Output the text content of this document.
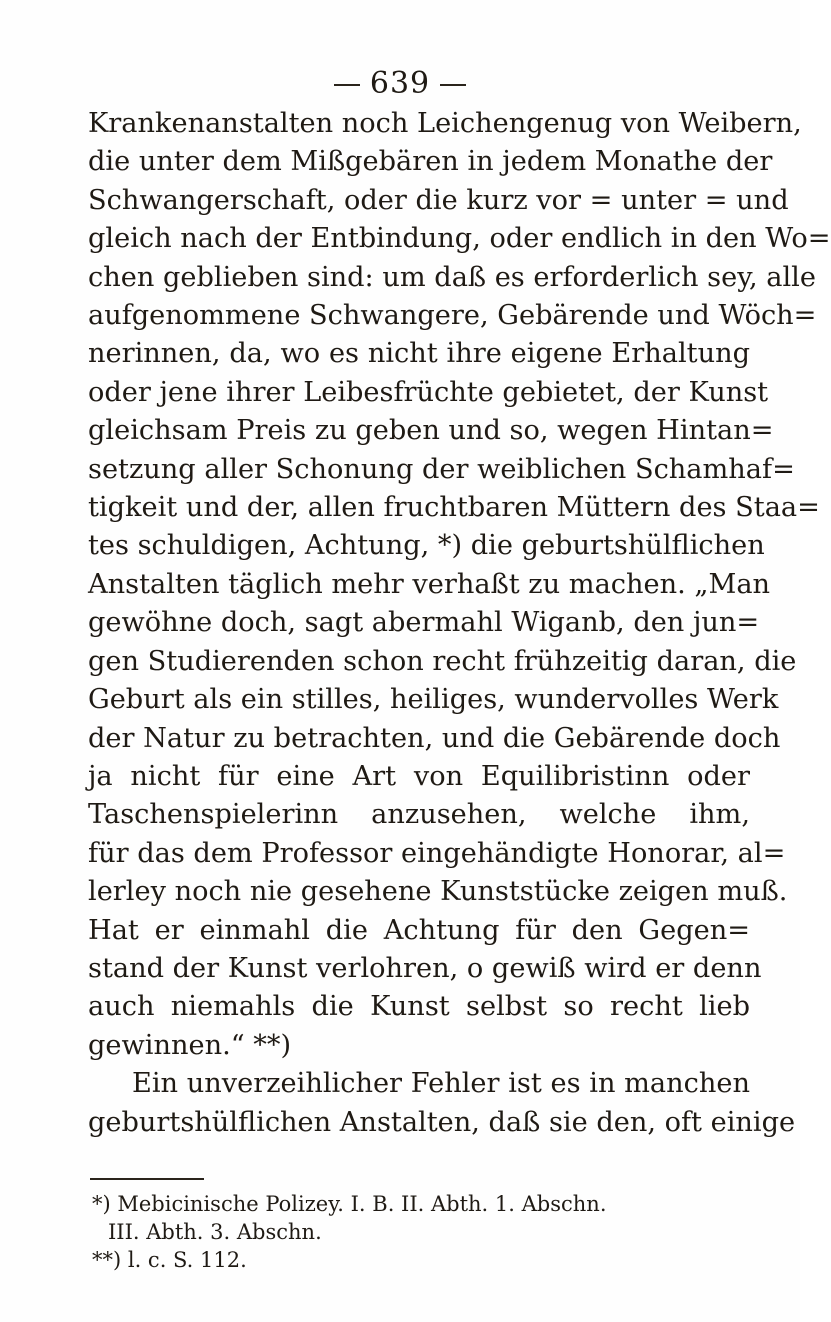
639
Krankenanstalten noch Leichengenug von Weibern,
die unter dem Mißgebären in jedem Monathe der
Schwangerschaft, oder die kurz vor = unter = und
gleich nach der Entbindung, oder endlich in den Wo=
chen geblieben sind: um daß es erforderlich sey, alle
aufgenommene Schwangere, Gebärende und Wöch=
nerinnen, da, wo es nicht ihre eigene Erhaltung
oder jene ihrer Leibesfrüchte gebietet, der Kunst
gleichsam Preis zu geben und so, wegen Hintan=
setzung aller Schonung der weiblichen Schamhaf=
tigkeit und der, allen fruchtbaren Müttern des Staa=
tes schuldigen, Achtung, *) die geburtshülflichen
Anstalten täglich mehr verhaßt zu machen. „Man
gewöhne doch, sagt abermahl Wiganb, den jun=
gen Studierenden schon recht frühzeitig daran, die
Geburt als ein stilles, heiliges, wundervolles Werk
der Natur zu betrachten, und die Gebärende doch
ja nicht für eine Art von Equilibristinn oder
Taschenspielerinn anzusehen, welche ihm,
für das dem Professor eingehändigte Honorar, al=
lerley noch nie gesehene Kunststücke zeigen muß.
Hat er einmahl die Achtung für den Gegen=
stand der Kunst verlohren, o gewiß wird er denn
auch niemahls die Kunst selbst so recht lieb
gewinnen.“ **)
Ein unverzeihlicher Fehler ist es in manchen
geburtshülflichen Anstalten, daß sie den, oft einige
*) Mebicinische Polizey. I. B. II. Abth. 1. Abschn.
III. Abth. 3. Abschn.
**) l. c. S. 112.
